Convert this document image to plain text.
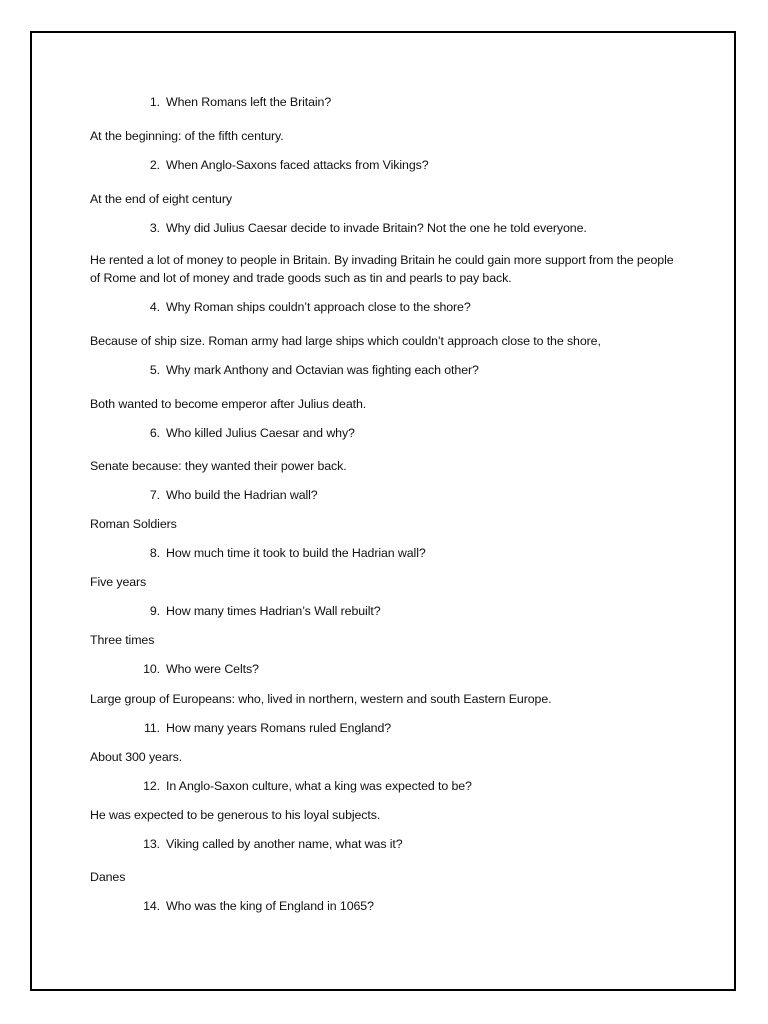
1. When Romans left the Britain?
At the beginning: of the fifth century.
2. When Anglo-Saxons faced attacks from Vikings?
At the end of eight century
3. Why did Julius Caesar decide to invade Britain? Not the one he told everyone.
He rented a lot of money to people in Britain. By invading Britain he could gain more support from the people of Rome and lot of money and trade goods such as tin and pearls to pay back.
4. Why Roman ships couldn’t approach close to the shore?
Because of ship size. Roman army had large ships which couldn’t approach close to the shore,
5. Why mark Anthony and Octavian was fighting each other?
Both wanted to become emperor after Julius death.
6. Who killed Julius Caesar and why?
Senate because: they wanted their power back.
7. Who build the Hadrian wall?
Roman Soldiers
8. How much time it took to build the Hadrian wall?
Five years
9. How many times Hadrian’s Wall rebuilt?
Three times
10. Who were Celts?
Large group of Europeans: who, lived in northern, western and south Eastern Europe.
11. How many years Romans ruled England?
About 300 years.
12. In Anglo-Saxon culture, what a king was expected to be?
He was expected to be generous to his loyal subjects.
13. Viking called by another name, what was it?
Danes
14. Who was the king of England in 1065?
